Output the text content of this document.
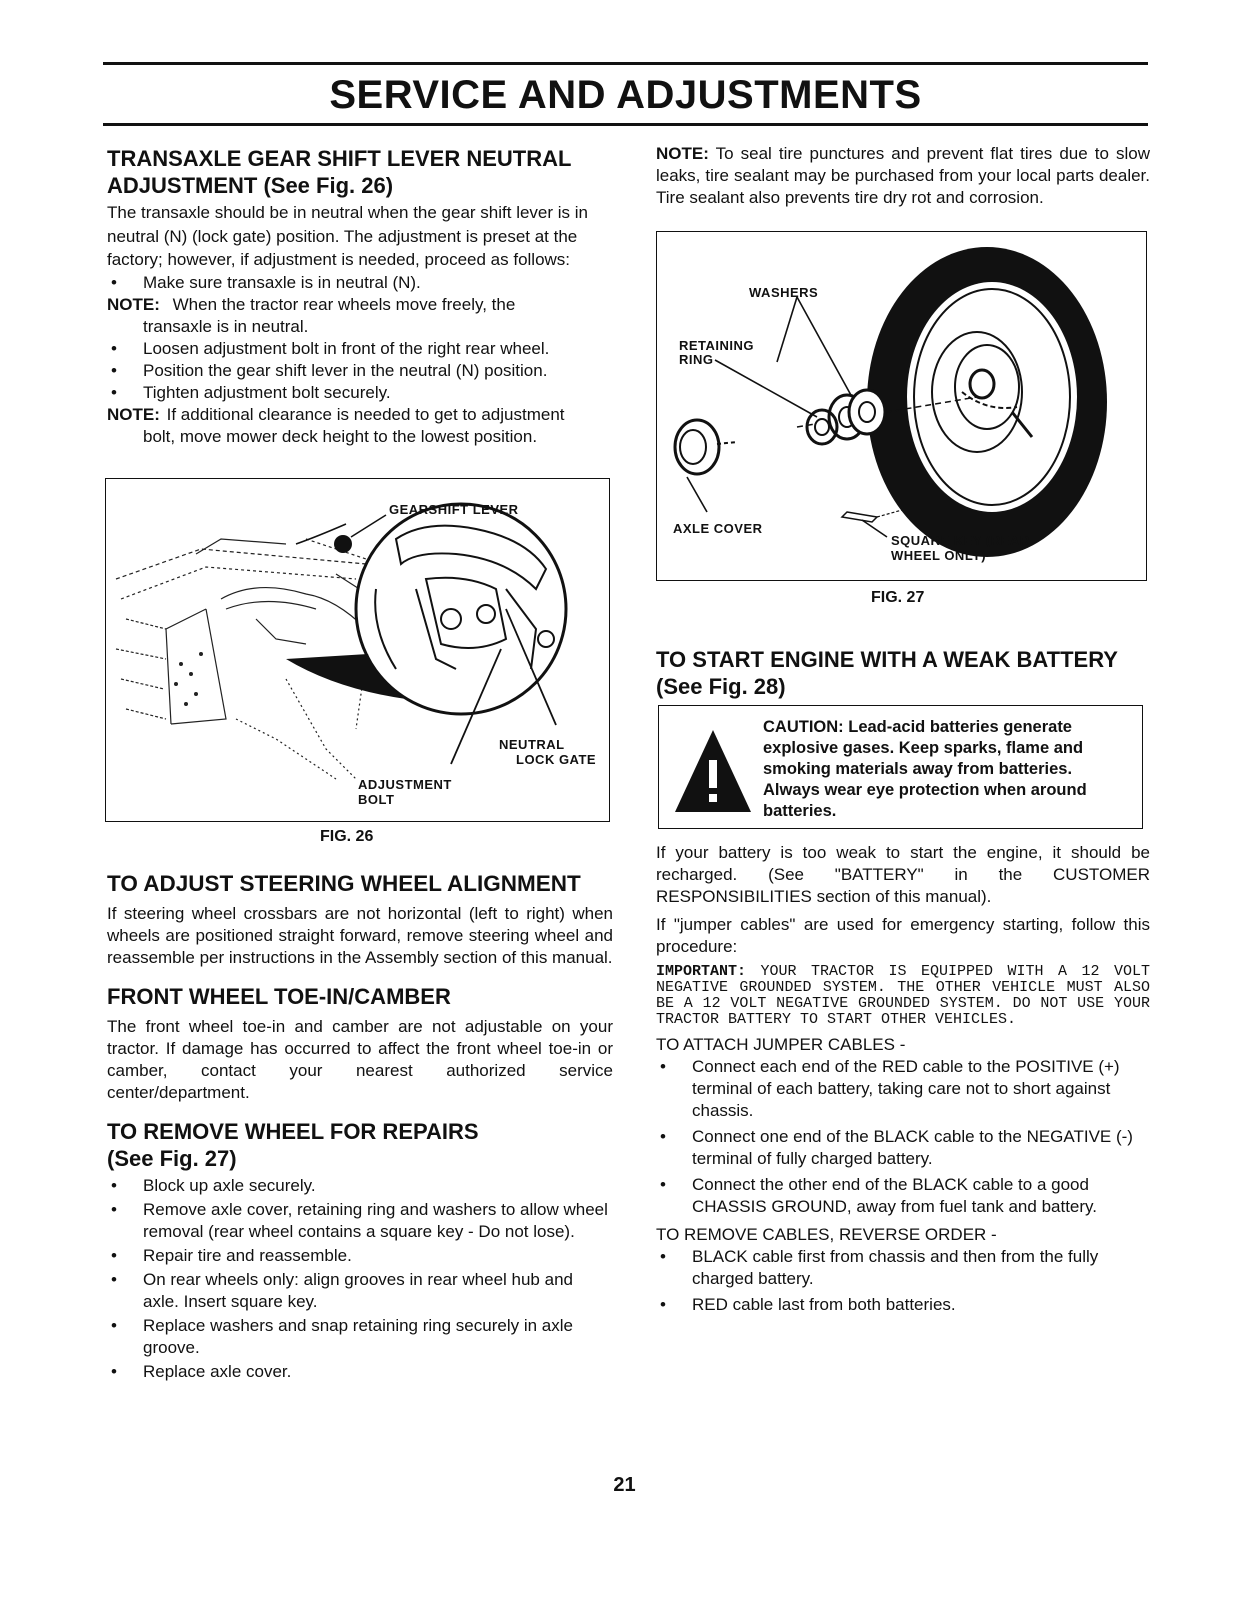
SERVICE AND ADJUSTMENTS
TRANSAXLE GEAR SHIFT LEVER NEUTRAL
ADJUSTMENT (See Fig. 26)

The transaxle should be in neutral when the gear shift lever is in neutral (N) (lock gate) position. The adjustment is preset at the factory; however, if adjustment is needed, proceed as follows:

• Make sure transaxle is in neutral (N).
NOTE: When the tractor rear wheels move freely, the
transaxle is in neutral.
• Loosen adjustment bolt in front of the right rear wheel.
• Position the gear shift lever in the neutral (N) position.
• Tighten adjustment bolt securely.
NOTE: If additional clearance is needed to get to adjustment
bolt, move mower deck height to the lowest position.
GEARSHIFT LEVER
NEUTRAL
LOCK GATE
ADJUSTMENT
BOLT
FIG. 26
TO ADJUST STEERING WHEEL ALIGNMENT

If steering wheel crossbars are not horizontal (left to right) when wheels are positioned straight forward, remove steering wheel and reassemble per instructions in the Assembly section of this manual.

FRONT WHEEL TOE-IN/CAMBER

The front wheel toe-in and camber are not adjustable on your tractor. If damage has occurred to affect the front wheel toe-in or camber, contact your nearest authorized service center/department.

TO REMOVE WHEEL FOR REPAIRS
(See Fig. 27)
• Block up axle securely.
• Remove axle cover, retaining ring and washers to allow wheel removal (rear wheel contains a square key - Do not lose).
• Repair tire and reassemble.
• On rear wheels only: align grooves in rear wheel hub and axle. Insert square key.
• Replace washers and snap retaining ring securely in axle groove.
• Replace axle cover.

NOTE: To seal tire punctures and prevent flat tires due to slow leaks, tire sealant may be purchased from your local parts dealer. Tire sealant also prevents tire dry rot and corrosion.

WASHERS
RETAINING
RING
AXLE COVER
SQUARE KEY (REAR
WHEEL ONLY)
FIG. 27
TO START ENGINE WITH A WEAK BATTERY
(See Fig. 28)
CAUTION: Lead-acid batteries generate explosive gases. Keep sparks, flame and smoking materials away from batteries. Always wear eye protection when around batteries.

If your battery is too weak to start the engine, it should be recharged. (See "BATTERY" in the CUSTOMER RESPONSIBILITIES section of this manual).

If "jumper cables" are used for emergency starting, follow this procedure:

IMPORTANT: YOUR TRACTOR IS EQUIPPED WITH A 12 VOLT NEGATIVE GROUNDED SYSTEM. THE OTHER VEHICLE MUST ALSO BE A 12 VOLT NEGATIVE GROUNDED SYSTEM. DO NOT USE YOUR TRACTOR BATTERY TO START OTHER VEHICLES.

TO ATTACH JUMPER CABLES -

• Connect each end of the RED cable to the POSITIVE (+) terminal of each battery, taking care not to short against chassis.
• Connect one end of the BLACK cable to the NEGATIVE (-) terminal of fully charged battery.
• Connect the other end of the BLACK cable to a good CHASSIS GROUND, away from fuel tank and battery.

TO REMOVE CABLES, REVERSE ORDER -

• BLACK cable first from chassis and then from the fully charged battery.
• RED cable last from both batteries.
21
